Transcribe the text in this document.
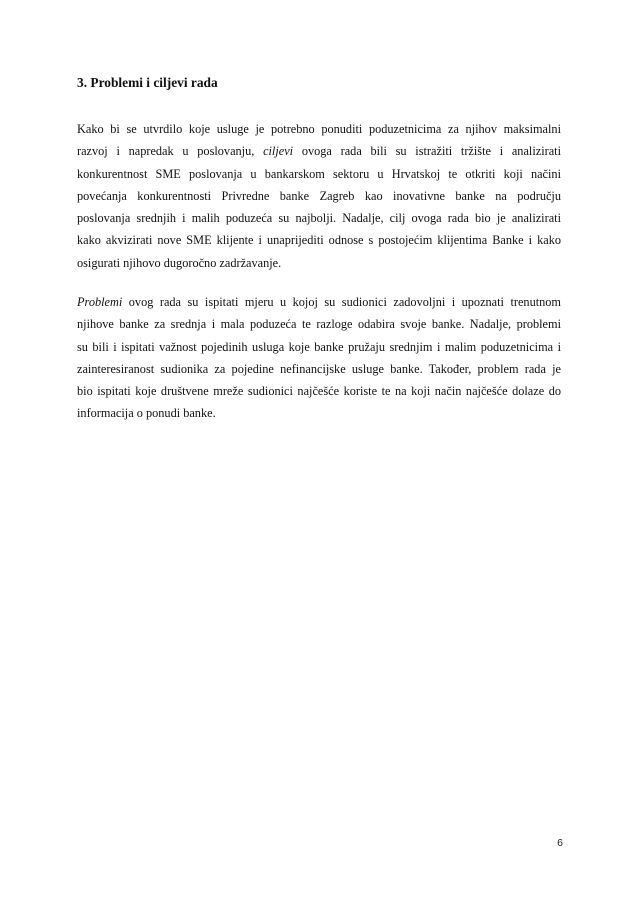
3. Problemi i ciljevi rada
Kako bi se utvrdilo koje usluge je potrebno ponuditi poduzetnicima za njihov maksimalni
razvoj i napredak u poslovanju, ciljevi ovoga rada bili su istražiti tržište i analizirati
konkurentnost SME poslovanja u bankarskom sektoru u Hrvatskoj te otkriti koji načini
povećanja konkurentnosti Privredne banke Zagreb kao inovativne banke na području
poslovanja srednjih i malih poduzeća su najbolji. Nadalje, cilj ovoga rada bio je analizirati
kako akvizirati nove SME klijente i unaprijediti odnose s postojećim klijentima Banke i kako
osigurati njihovo dugoročno zadržavanje.
Problemi ovog rada su ispitati mjeru u kojoj su sudionici zadovoljni i upoznati trenutnom
njihove banke za srednja i mala poduzeća te razloge odabira svoje banke. Nadalje, problemi
su bili i ispitati važnost pojedinih usluga koje banke pružaju srednjim i malim poduzetnicima i
zainteresiranost sudionika za pojedine nefinancijske usluge banke. Također, problem rada je
bio ispitati koje društvene mreže sudionici najčešće koriste te na koji način najčešće dolaze do
informacija o ponudi banke.
6
